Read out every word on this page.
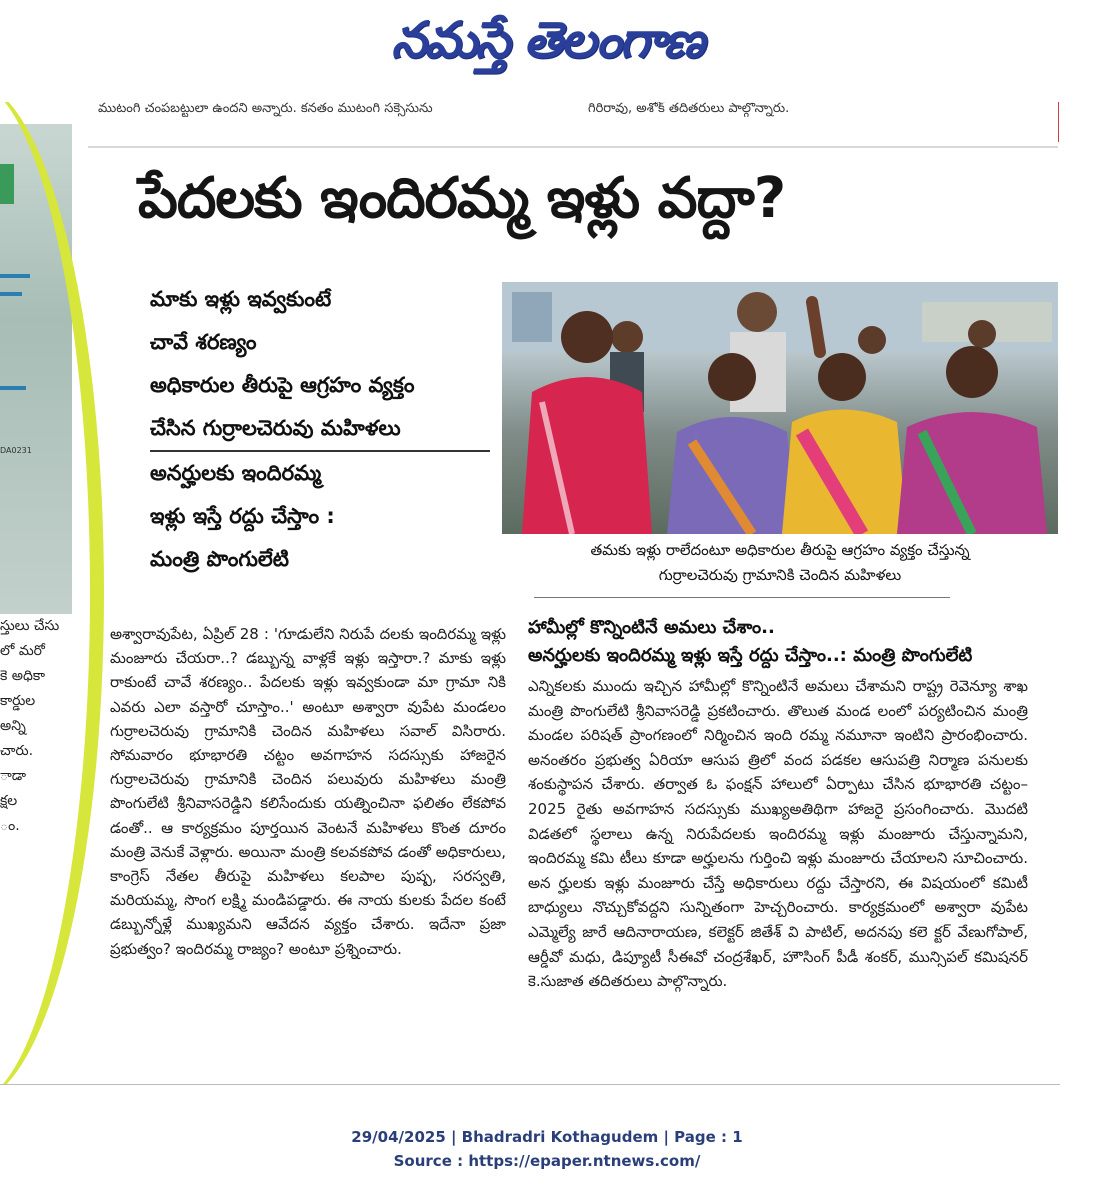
నమస్తే తెలంగాణ
DA0231
స్తులు చేసు
లో మరో
కె అధికా
కార్డుల
అన్ని
చారు.
ాడా
క్షల
ం.
ముటంగి చంపబట్టులా ఉందని అన్నారు. కనతం ముటంగి సక్సెసును	గిరిరావు, అశోక్ తదితరులు పాల్గొన్నారు.
పేదలకు ఇందిరమ్మ ఇళ్లు వద్దా?
మాకు ఇళ్లు ఇవ్వకుంటే
చావే శరణ్యం
అధికారుల తీరుపై ఆగ్రహం వ్యక్తం
చేసిన గుర్రాలచెరువు మహిళలు
అనర్హులకు ఇందిరమ్మ
ఇళ్లు ఇస్తే రద్దు చేస్తాం :
మంత్రి పొంగులేటి	తమకు ఇళ్లు రాలేదంటూ అధికారుల తీరుపై ఆగ్రహం వ్యక్తం చేస్తున్న
గుర్రాలచెరువు గ్రామానికి చెందిన మహిళలు

అశ్వారావుపేట, ఏప్రిల్ 28 : 'గూడులేని నిరుపే దలకు ఇందిరమ్మ ఇళ్లు మంజూరు చేయరా..? డబ్బున్న వాళ్లకే ఇళ్లు ఇస్తారా.? మాకు ఇళ్లు రాకుంటే చావే శరణ్యం.. పేదలకు ఇళ్లు ఇవ్వకుండా మా గ్రామా నికి ఎవరు ఎలా వస్తారో చూస్తాం..' అంటూ అశ్వారా వుపేట మండలం గుర్రాలచెరువు గ్రామానికి చెందిన మహిళలు సవాల్ విసిరారు. సోమవారం భూభారతి చట్టం అవగాహన సదస్సుకు హాజరైన గుర్రాలచెరువు గ్రామానికి చెందిన పలువురు మహిళలు మంత్రి పొంగులేటి శ్రీనివాసరెడ్డిని కలిసేందుకు యత్నించినా ఫలితం లేకపోవ డంతో.. ఆ కార్యక్రమం పూర్తయిన వెంటనే మహిళలు కొంత దూరం మంత్రి వెనుకే వెళ్లారు. అయినా మంత్రి కలవకపోవ డంతో అధికారులు, కాంగ్రెస్ నేతల తీరుపై మహిళలు కలపాల పుష్ప, సరస్వతి, మరియమ్మ, సొంగ లక్ష్మి మండిపడ్డారు. ఈ నాయ కులకు పేదల కంటే డబ్బున్నోళ్లే ముఖ్యమని ఆవేదన వ్యక్తం చేశారు. ఇదేనా ప్రజా ప్రభుత్వం? ఇందిరమ్మ రాజ్యం? అంటూ ప్రశ్నించారు.

హామీల్లో కొన్నింటినే అమలు చేశాం..
అనర్హులకు ఇందిరమ్మ ఇళ్లు ఇస్తే రద్దు చేస్తాం..: మంత్రి పొంగులేటి
ఎన్నికలకు ముందు ఇచ్చిన హామీల్లో కొన్నింటినే అమలు చేశామని రాష్ట్ర రెవెన్యూ శాఖ మంత్రి పొంగులేటి శ్రీనివాసరెడ్డి ప్రకటించారు. తొలుత మండ లంలో పర్యటించిన మంత్రి మండల పరిషత్ ప్రాంగణంలో నిర్మించిన ఇంది రమ్మ నమూనా ఇంటిని ప్రారంభించారు. అనంతరం ప్రభుత్వ ఏరియా ఆసుప త్రిలో వంద పడకల ఆసుపత్రి నిర్మాణ పనులకు శంకుస్థాపన చేశారు. తర్వాత ఓ ఫంక్షన్ హాలులో ఏర్పాటు చేసిన భూభారతి చట్టం–2025 రైతు అవగాహన సదస్సుకు ముఖ్యఅతిథిగా హాజరై ప్రసంగించారు. మొదటి విడతలో స్థలాలు ఉన్న నిరుపేదలకు ఇందిరమ్మ ఇళ్లు మంజూరు చేస్తున్నామని, ఇందిరమ్మ కమి టీలు కూడా అర్హులను గుర్తించి ఇళ్లు మంజూరు చేయాలని సూచించారు. అన ర్హులకు ఇళ్లు మంజూరు చేస్తే అధికారులు రద్దు చేస్తారని, ఈ విషయంలో కమిటీ బాధ్యులు నొచ్చుకోవద్దని సున్నితంగా హెచ్చరించారు. కార్యక్రమంలో అశ్వారా వుపేట ఎమ్మెల్యే జారే ఆదినారాయణ, కలెక్టర్ జితేశ్ వి పాటిల్, అదనపు కలె క్టర్ వేణుగోపాల్, ఆర్డీవో మధు, డిప్యూటీ సీఈవో చంద్రశేఖర్, హౌసింగ్ పీడీ శంకర్, మున్సిపల్ కమిషనర్ కె.సుజాత తదితరులు పాల్గొన్నారు.
29/04/2025 | Bhadradri Kothagudem | Page : 1
Source : https://epaper.ntnews.com/
